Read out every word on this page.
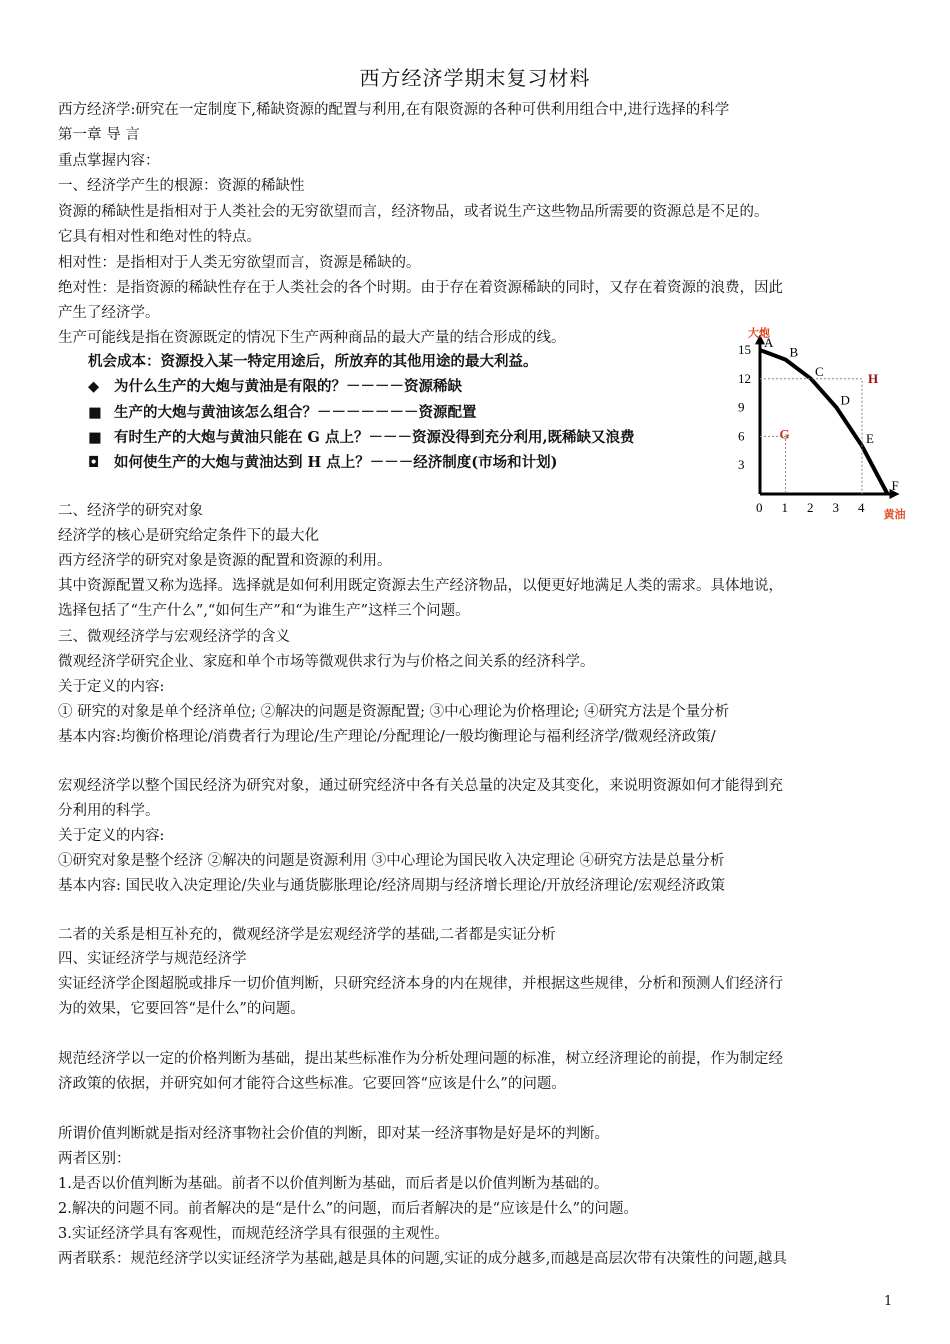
西方经济学期末复习材料
西方经济学:研究在一定制度下,稀缺资源的配置与利用,在有限资源的各种可供利用组合中,进行选择的科学
第一章 导 言
重点掌握内容：
一、经济学产生的根源：资源的稀缺性
资源的稀缺性是指相对于人类社会的无穷欲望而言，经济物品，或者说生产这些物品所需要的资源总是不足的。
它具有相对性和绝对性的特点。
相对性：是指相对于人类无穷欲望而言，资源是稀缺的。
绝对性：是指资源的稀缺性存在于人类社会的各个时期。由于存在着资源稀缺的同时，又存在着资源的浪费，因此
产生了经济学。
生产可能线是指在资源既定的情况下生产两种商品的最大产量的结合形成的线。
机会成本：资源投入某一特定用途后，所放弃的其他用途的最大利益。
◆ 为什么生产的大炮与黄油是有限的？－－－－资源稀缺
■ 生产的大炮与黄油该怎么组合？－－－－－－－资源配置
■ 有时生产的大炮与黄油只能在 G 点上？－－－资源没得到充分利用,既稀缺又浪费
◘ 如何使生产的大炮与黄油达到 H 点上？－－－经济制度(市场和计划)
二、经济学的研究对象
经济学的核心是研究给定条件下的最大化
西方经济学的研究对象是资源的配置和资源的利用。
其中资源配置又称为选择。选择就是如何利用既定资源去生产经济物品，以便更好地满足人类的需求。具体地说，
选择包括了“生产什么”,“如何生产”和“为谁生产”这样三个问题。
三、微观经济学与宏观经济学的含义
微观经济学研究企业、家庭和单个市场等微观供求行为与价格之间关系的经济科学。
关于定义的内容:
① 研究的对象是单个经济单位; ②解决的问题是资源配置; ③中心理论为价格理论; ④研究方法是个量分析
基本内容:均衡价格理论/消费者行为理论/生产理论/分配理论/一般均衡理论与福利经济学/微观经济政策/
宏观经济学以整个国民经济为研究对象，通过研究经济中各有关总量的决定及其变化，来说明资源如何才能得到充
分利用的科学。
关于定义的内容:
①研究对象是整个经济 ②解决的问题是资源利用 ③中心理论为国民收入决定理论 ④研究方法是总量分析
基本内容: 国民收入决定理论/失业与通货膨胀理论/经济周期与经济增长理论/开放经济理论/宏观经济政策
二者的关系是相互补充的，微观经济学是宏观经济学的基础,二者都是实证分析
四、实证经济学与规范经济学
实证经济学企图超脱或排斥一切价值判断，只研究经济本身的内在规律，并根据这些规律，分析和预测人们经济行
为的效果，它要回答“是什么”的问题。
规范经济学以一定的价格判断为基础，提出某些标准作为分析处理问题的标准，树立经济理论的前提，作为制定经
济政策的依据，并研究如何才能符合这些标准。它要回答“应该是什么”的问题。
所谓价值判断就是指对经济事物社会价值的判断，即对某一经济事物是好是坏的判断。
两者区别：
1.是否以价值判断为基础。前者不以价值判断为基础，而后者是以价值判断为基础的。
2.解决的问题不同。前者解决的是“是什么”的问题，而后者解决的是“应该是什么”的问题。
3.实证经济学具有客观性，而规范经济学具有很强的主观性。
两者联系：规范经济学以实证经济学为基础,越是具体的问题,实证的成分越多,而越是高层次带有决策性的问题,越具
1
大炮
黄油
3
6
9
12
15
0 1 2 3 4
A
B
C
D
E
F
G
H
